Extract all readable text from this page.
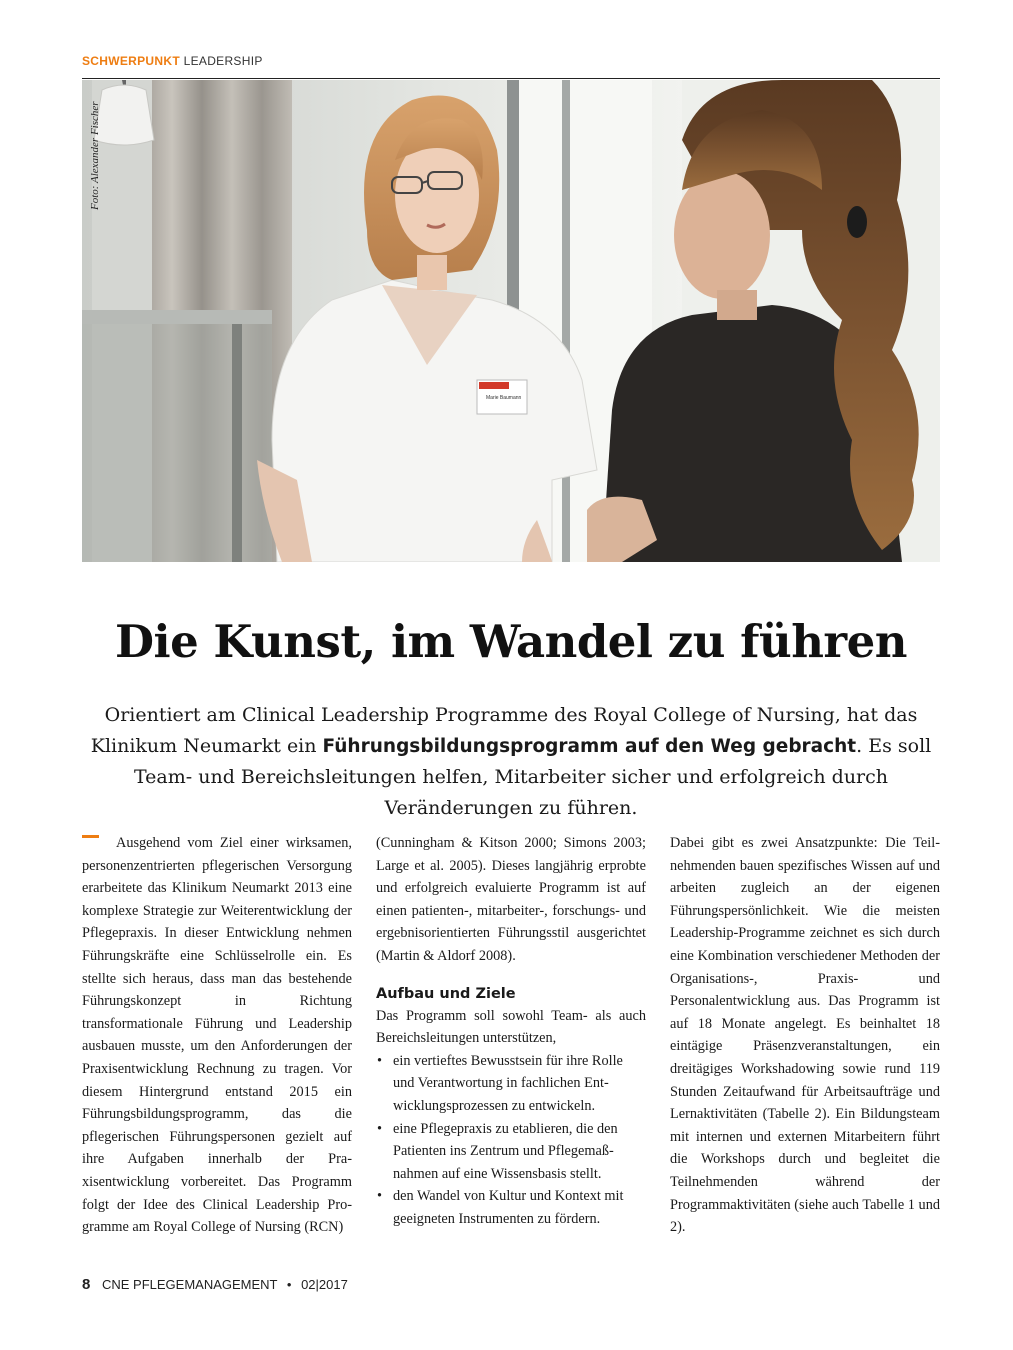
SCHWERPUNKT LEADERSHIP
Marie Baumann
Foto: Alexander Fischer
Die Kunst, im Wandel zu führen

Orientiert am Clinical Leadership Programme des Royal College of Nursing, hat das Klinikum Neumarkt ein Führungsbildungsprogramm auf den Weg gebracht. Es soll Team- und Bereichsleitungen helfen, Mitarbeiter sicher und erfolgreich durch Veränderungen zu führen.

Ausgehend vom Ziel einer wirksamen, personenzentrierten pflegerischen Versorgung erarbeitete das Klinikum Neumarkt 2013 eine komplexe Strategie zur Weiterentwicklung der Pflegepraxis. In dieser Entwicklung nehmen Führungskräfte eine Schlüsselrolle ein. Es stellte sich heraus, dass man das bestehende Führungskonzept in Richtung transformationale Führung und Leadership ausbauen musste, um den Anforderungen der Praxisentwicklung Rechnung zu tragen. Vor diesem Hintergrund entstand 2015 ein Führungsbildungsprogramm, das die pflegerischen Führungspersonen gezielt auf ihre Aufgaben innerhalb der Praxisentwicklung vorbereitet. Das Programm folgt der Idee des Clinical Leadership Programme am Royal College of Nursing (RCN)

(Cunningham & Kitson 2000; Simons 2003; Large et al. 2005). Dieses langjährig erprobte und erfolgreich evaluierte Programm ist auf einen patienten-, mitarbeiter-, forschungs- und ergebnisorientierten Führungsstil ausgerichtet (Martin & Aldorf 2008).

Aufbau und Ziele

Das Programm soll sowohl Team- als auch Bereichsleitungen unterstützen,

• ein vertieftes Bewusstsein für ihre Rolle und Verantwortung in fachlichen Entwicklungsprozessen zu entwickeln.
• eine Pflegepraxis zu etablieren, die den Patienten ins Zentrum und Pflegemaßnahmen auf eine Wissensbasis stellt.
• den Wandel von Kultur und Kontext mit geeigneten Instrumenten zu fördern.

Dabei gibt es zwei Ansatzpunkte: Die Teilnehmenden bauen spezifisches Wissen auf und arbeiten zugleich an der eigenen Führungspersönlichkeit. Wie die meisten Leadership-Programme zeichnet es sich durch eine Kombination verschiedener Methoden der Organisations-, Praxis- und Personalentwicklung aus. Das Programm ist auf 18 Monate angelegt. Es beinhaltet 18 eintägige Präsenzveranstaltungen, ein dreitägiges Workshadowing sowie rund 119 Stunden Zeitaufwand für Arbeitsaufträge und Lernaktivitäten (Tabelle 2). Ein Bildungsteam mit internen und externen Mitarbeitern führt die Workshops durch und begleitet die Teilnehmenden während der Programmaktivitäten (siehe auch Tabelle 1 und 2).

8 CNE PFLEGEMANAGEMENT • 02|2017
